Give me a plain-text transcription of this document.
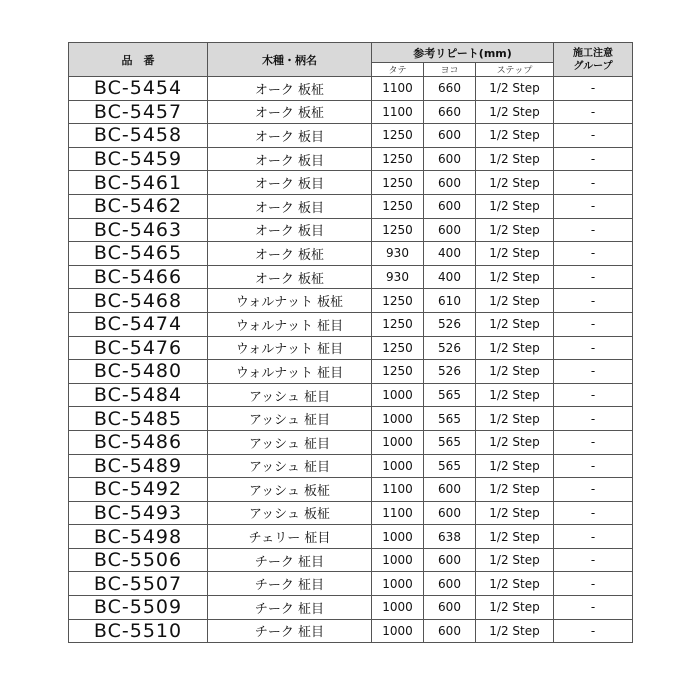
品　番	木種・柄名	参考リピート(mm)			施工注意
グループ
		タテ	ヨコ	ステップ	
BC-5454	オーク 板柾	1100	660	1/2 Step	-
BC-5457	オーク 板柾	1100	660	1/2 Step	-
BC-5458	オーク 板目	1250	600	1/2 Step	-
BC-5459	オーク 板目	1250	600	1/2 Step	-
BC-5461	オーク 板目	1250	600	1/2 Step	-
BC-5462	オーク 板目	1250	600	1/2 Step	-
BC-5463	オーク 板目	1250	600	1/2 Step	-
BC-5465	オーク 板柾	930	400	1/2 Step	-
BC-5466	オーク 板柾	930	400	1/2 Step	-
BC-5468	ウォルナット 板柾	1250	610	1/2 Step	-
BC-5474	ウォルナット 柾目	1250	526	1/2 Step	-
BC-5476	ウォルナット 柾目	1250	526	1/2 Step	-
BC-5480	ウォルナット 柾目	1250	526	1/2 Step	-
BC-5484	アッシュ 柾目	1000	565	1/2 Step	-
BC-5485	アッシュ 柾目	1000	565	1/2 Step	-
BC-5486	アッシュ 柾目	1000	565	1/2 Step	-
BC-5489	アッシュ 柾目	1000	565	1/2 Step	-
BC-5492	アッシュ 板柾	1100	600	1/2 Step	-
BC-5493	アッシュ 板柾	1100	600	1/2 Step	-
BC-5498	チェリー 柾目	1000	638	1/2 Step	-
BC-5506	チーク 柾目	1000	600	1/2 Step	-
BC-5507	チーク 柾目	1000	600	1/2 Step	-
BC-5509	チーク 柾目	1000	600	1/2 Step	-
BC-5510	チーク 柾目	1000	600	1/2 Step	-
